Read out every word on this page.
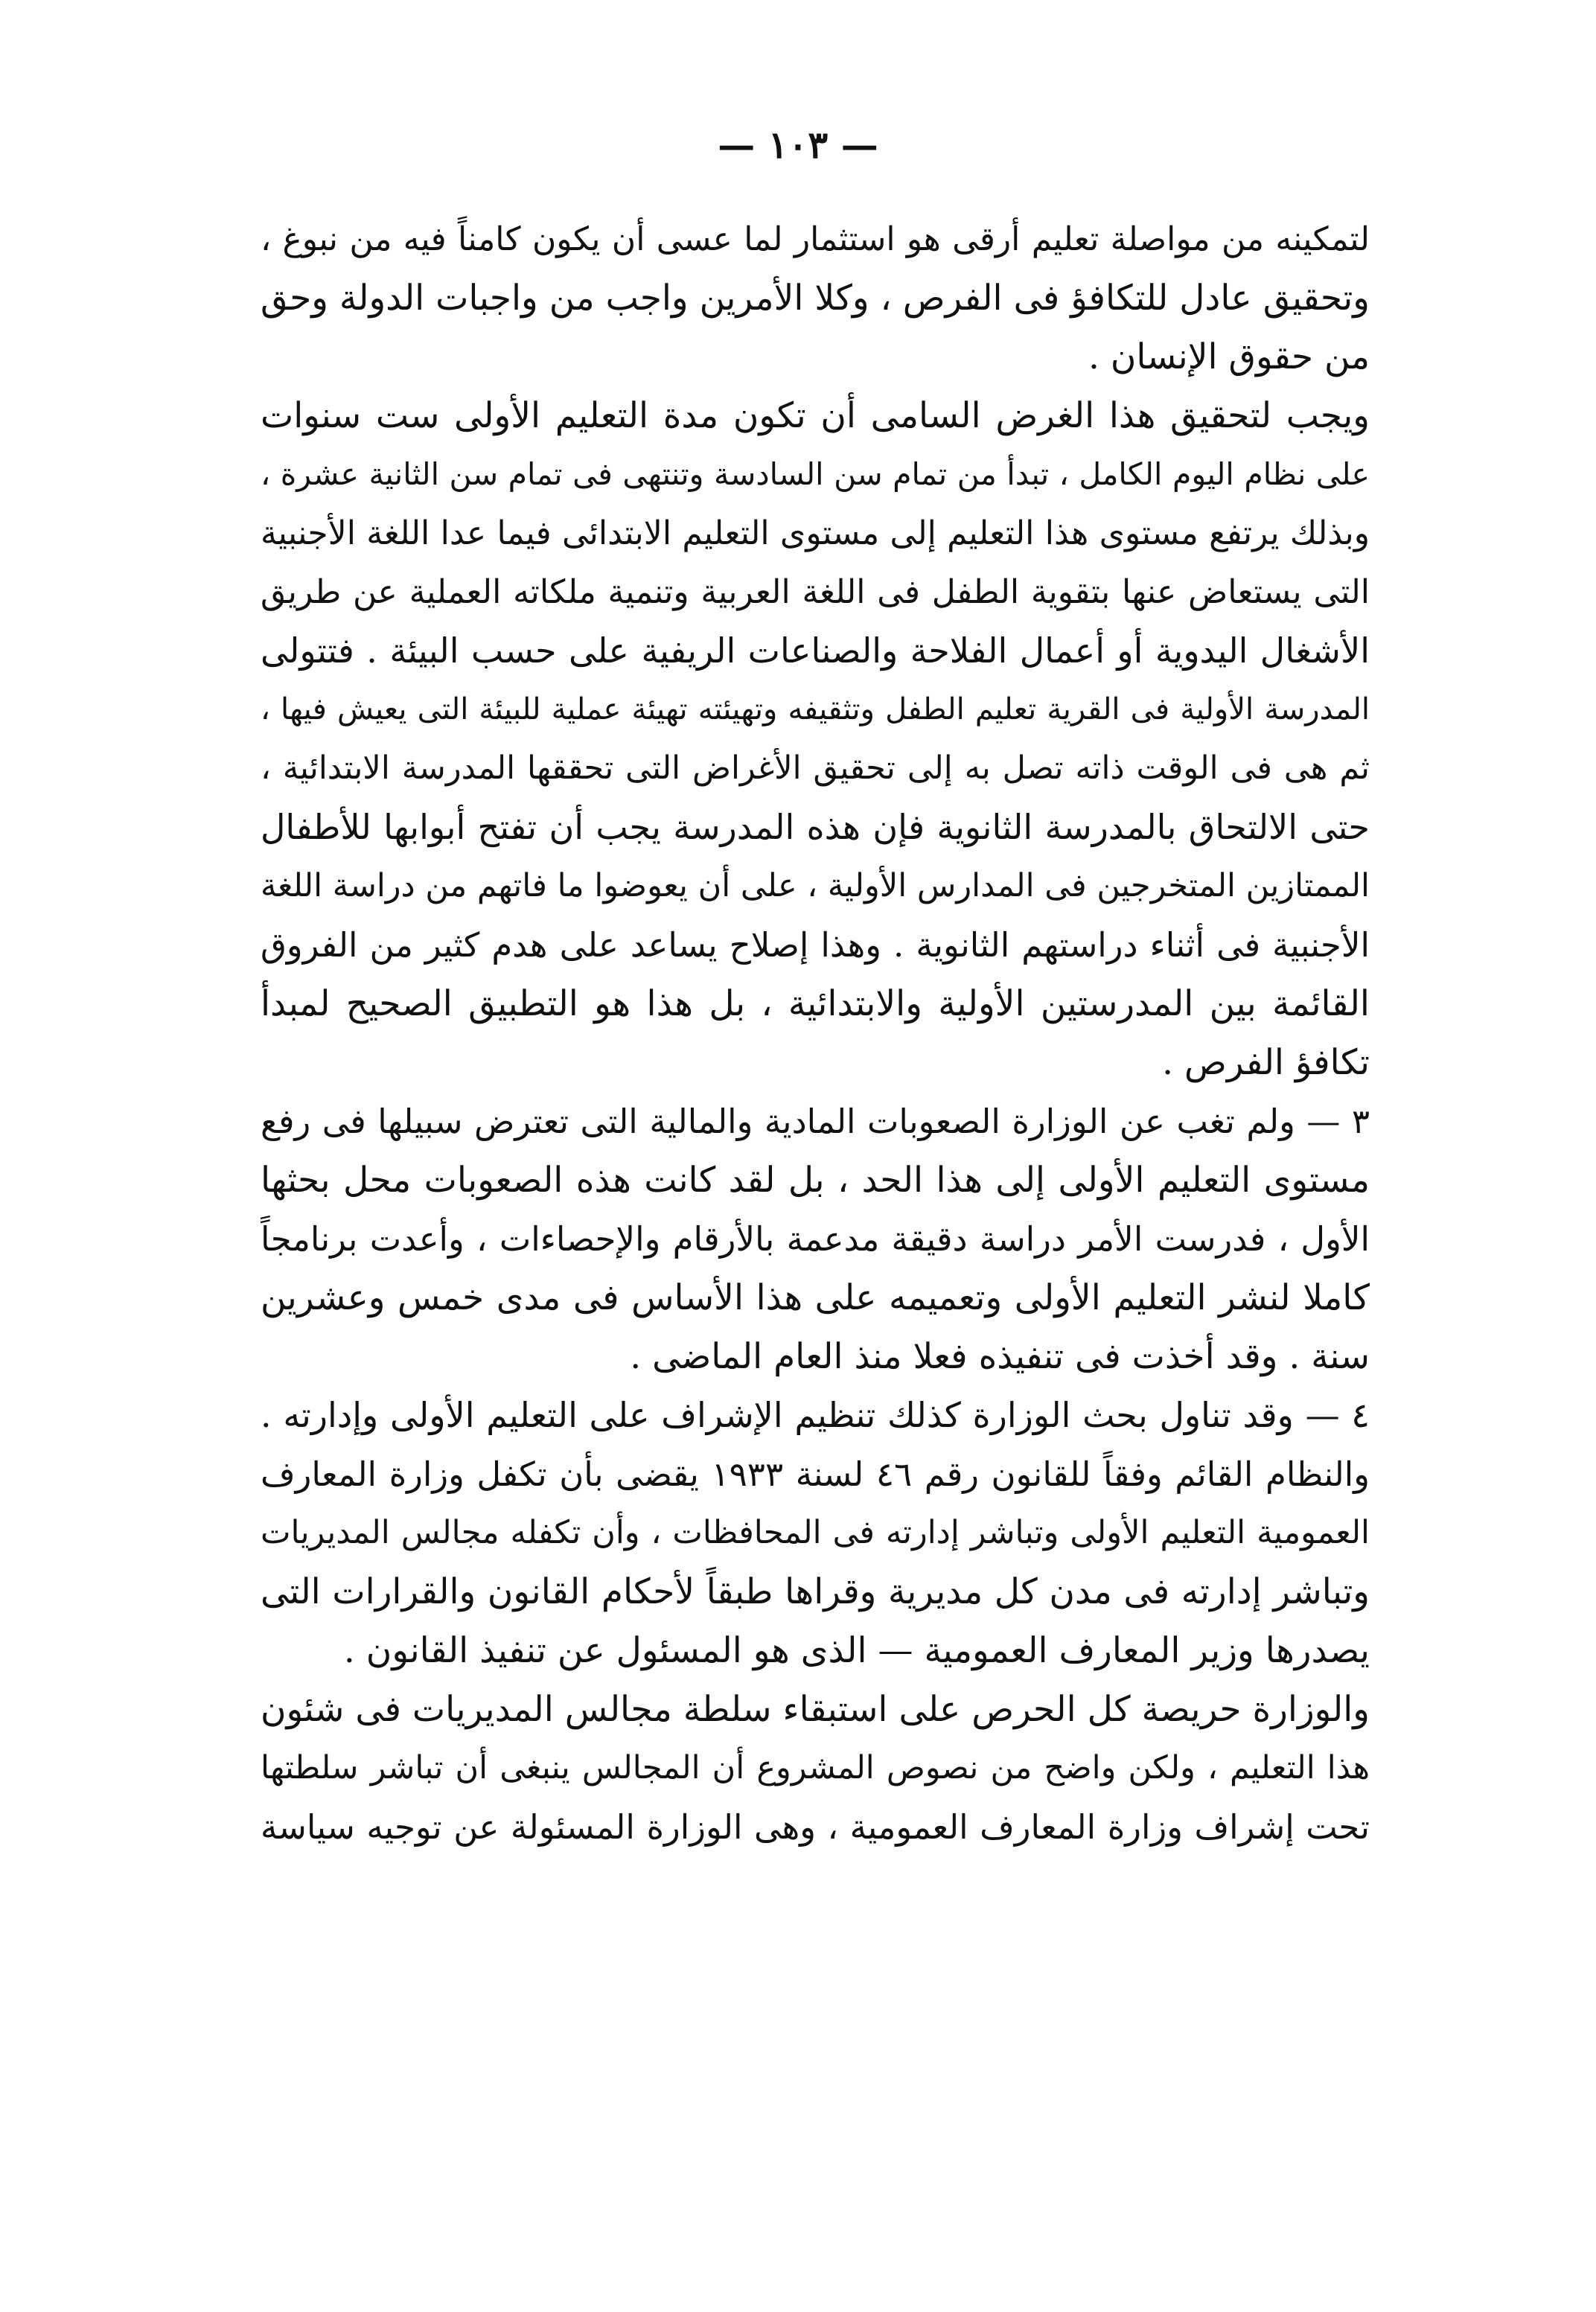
— ١٠٣ —
لتمكينه من مواصلة تعليم أرقى هو استثمار لما عسى أن يكون كامناً فيه من نبوغ ،
وتحقيق عادل للتكافؤ فى الفرص ، وكلا الأمرين واجب من واجبات الدولة وحق
من حقوق الإنسان .
ويجب لتحقيق هذا الغرض السامى أن تكون مدة التعليم الأولى ست سنوات
على نظام اليوم الكامل ، تبدأ من تمام سن السادسة وتنتهى فى تمام سن الثانية عشرة ،
وبذلك يرتفع مستوى هذا التعليم إلى مستوى التعليم الابتدائى فيما عدا اللغة الأجنبية
التى يستعاض عنها بتقوية الطفل فى اللغة العربية وتنمية ملكاته العملية عن طريق
الأشغال اليدوية أو أعمال الفلاحة والصناعات الريفية على حسب البيئة . فتتولى
المدرسة الأولية فى القرية تعليم الطفل وتثقيفه وتهيئته تهيئة عملية للبيئة التى يعيش فيها ،
ثم هى فى الوقت ذاته تصل به إلى تحقيق الأغراض التى تحققها المدرسة الابتدائية ،
حتى الالتحاق بالمدرسة الثانوية فإن هذه المدرسة يجب أن تفتح أبوابها للأطفال
الممتازين المتخرجين فى المدارس الأولية ، على أن يعوضوا ما فاتهم من دراسة اللغة
الأجنبية فى أثناء دراستهم الثانوية . وهذا إصلاح يساعد على هدم كثير من الفروق
القائمة بين المدرستين الأولية والابتدائية ، بل هذا هو التطبيق الصحيح لمبدأ
تكافؤ الفرص .
٣ — ولم تغب عن الوزارة الصعوبات المادية والمالية التى تعترض سبيلها فى رفع
مستوى التعليم الأولى إلى هذا الحد ، بل لقد كانت هذه الصعوبات محل بحثها
الأول ، فدرست الأمر دراسة دقيقة مدعمة بالأرقام والإحصاءات ، وأعدت برنامجاً
كاملا لنشر التعليم الأولى وتعميمه على هذا الأساس فى مدى خمس وعشرين
سنة . وقد أخذت فى تنفيذه فعلا منذ العام الماضى .
٤ — وقد تناول بحث الوزارة كذلك تنظيم الإشراف على التعليم الأولى وإدارته .
والنظام القائم وفقاً للقانون رقم ٤٦ لسنة ١٩٣٣ يقضى بأن تكفل وزارة المعارف
العمومية التعليم الأولى وتباشر إدارته فى المحافظات ، وأن تكفله مجالس المديريات
وتباشر إدارته فى مدن كل مديرية وقراها طبقاً لأحكام القانون والقرارات التى
يصدرها وزير المعارف العمومية — الذى هو المسئول عن تنفيذ القانون .
والوزارة حريصة كل الحرص على استبقاء سلطة مجالس المديريات فى شئون
هذا التعليم ، ولكن واضح من نصوص المشروع أن المجالس ينبغى أن تباشر سلطتها
تحت إشراف وزارة المعارف العمومية ، وهى الوزارة المسئولة عن توجيه سياسة
